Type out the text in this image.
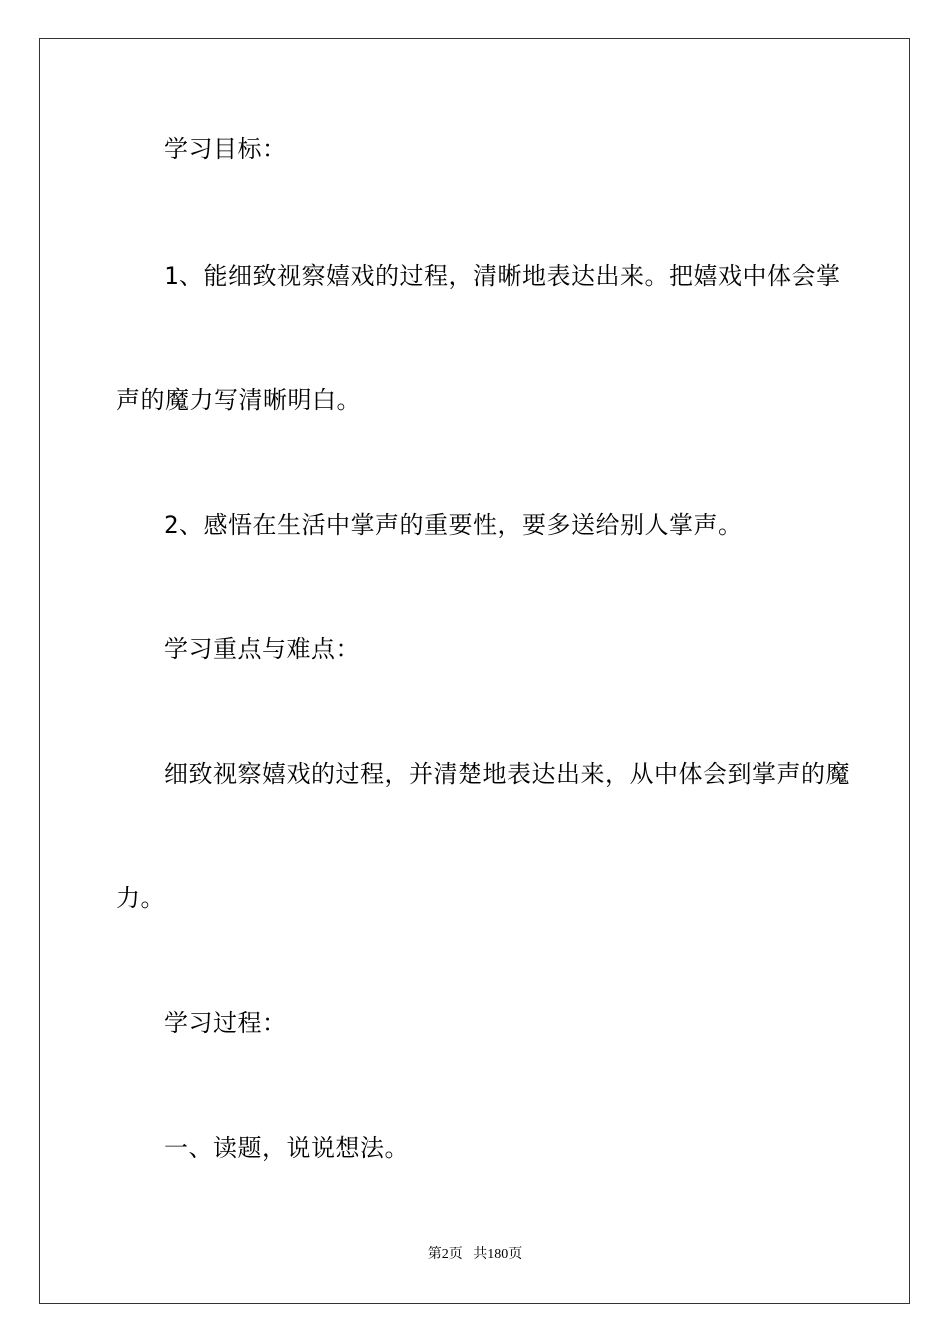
学习目标：
1、能细致视察嬉戏的过程，清晰地表达出来。把嬉戏中体会掌
声的魔力写清晰明白。
2、感悟在生活中掌声的重要性，要多送给别人掌声。
学习重点与难点：
细致视察嬉戏的过程，并清楚地表达出来，从中体会到掌声的魔
力。
学习过程：
一、读题，说说想法。
第2页 共180页
